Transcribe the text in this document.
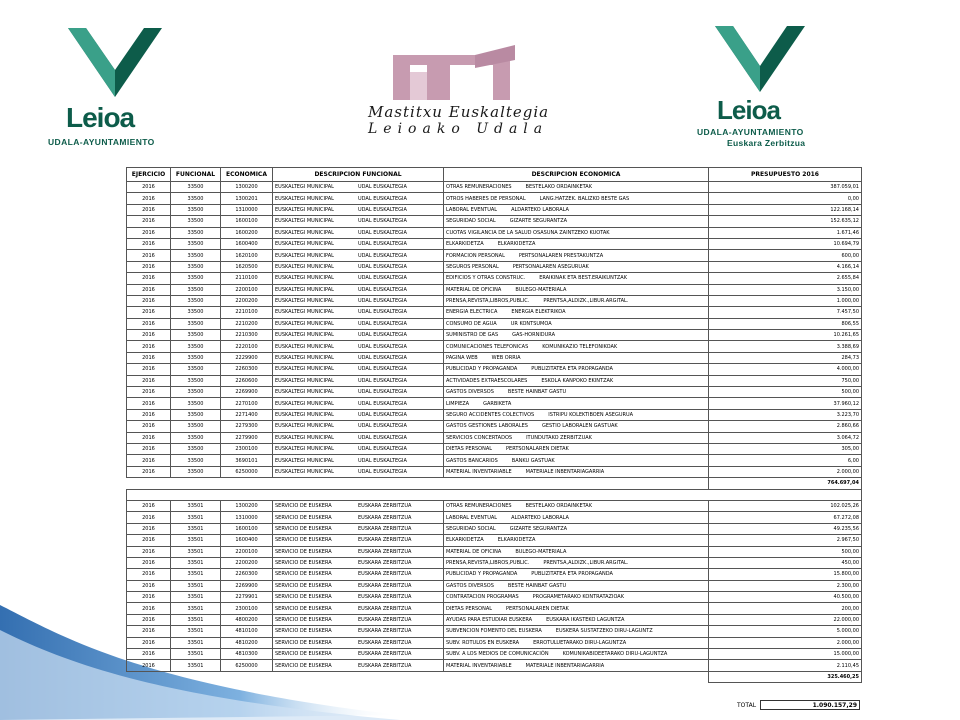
Leioa
UDALA-AYUNTAMIENTO
Mastitxu Euskaltegia
Leioako Udala
Leioa
UDALA-AYUNTAMIENTO
Euskara Zerbitzua
EJERCICIO	FUNCIONAL	ECONOMICA	DESCRIPCION FUNCIONAL	DESCRIPCION ECONOMICA	PRESUPUESTO 2016
2016	33500	1300200	EUSKALTEGI MUNICIPAL UDAL EUSKALTEGIA	OTRAS REMUNERACIONES BESTELAKO ORDAINKETAK	387.059,01
2016	33500	1300201	EUSKALTEGI MUNICIPAL UDAL EUSKALTEGIA	OTROS HABERES DE PERSONAL LANG.HATZEK. BALIZKO BESTE GAS	0,00
2016	33500	1310000	EUSKALTEGI MUNICIPAL UDAL EUSKALTEGIA	LABORAL EVENTUAL ALDARTEKO LABORALA	122.168,14
2016	33500	1600100	EUSKALTEGI MUNICIPAL UDAL EUSKALTEGIA	SEGURIDAD SOCIAL GIZARTE SEGURANTZA	152.635,12
2016	33500	1600200	EUSKALTEGI MUNICIPAL UDAL EUSKALTEGIA	CUOTAS VIGILANCIA DE LA SALUD OSASUNA ZAINTZEKO KUOTAK	1.671,46
2016	33500	1600400	EUSKALTEGI MUNICIPAL UDAL EUSKALTEGIA	ELKARKIDETZA ELKARKIDETZA	10.694,79
2016	33500	1620100	EUSKALTEGI MUNICIPAL UDAL EUSKALTEGIA	FORMACION PERSONAL PERTSONALAREN PRESTAKUNTZA	600,00
2016	33500	1620500	EUSKALTEGI MUNICIPAL UDAL EUSKALTEGIA	SEGUROS PERSONAL PERTSONALAREN ASEGURUAK	4.166,14
2016	33500	2110100	EUSKALTEGI MUNICIPAL UDAL EUSKALTEGIA	EDIFICIOS Y OTRAS CONSTRUC. ERAIKINAK ETA BEST.ERAIKUNTZAK	2.655,84
2016	33500	2200100	EUSKALTEGI MUNICIPAL UDAL EUSKALTEGIA	MATERIAL DE OFICINA BULEGO-MATERIALA	3.150,00
2016	33500	2200200	EUSKALTEGI MUNICIPAL UDAL EUSKALTEGIA	PRENSA,REVISTA,LIBROS,PUBLIC. PRENTSA,ALDIZK.,LIBUR.ARGITAL.	1.000,00
2016	33500	2210100	EUSKALTEGI MUNICIPAL UDAL EUSKALTEGIA	ENERGIA ELECTRICA ENERGIA ELEKTRIKOA	7.457,50
2016	33500	2210200	EUSKALTEGI MUNICIPAL UDAL EUSKALTEGIA	CONSUMO DE AGUA UR KONTSUMOA	806,55
2016	33500	2210300	EUSKALTEGI MUNICIPAL UDAL EUSKALTEGIA	SUMINISTRO DE GAS GAS-HORNIDURA	10.261,65
2016	33500	2220100	EUSKALTEGI MUNICIPAL UDAL EUSKALTEGIA	COMUNICACIONES TELEFONICAS KOMUNIKAZIO TELEFONIKOAK	3.388,69
2016	33500	2229900	EUSKALTEGI MUNICIPAL UDAL EUSKALTEGIA	PAGINA WEB WEB ORRIA	284,73
2016	33500	2260300	EUSKALTEGI MUNICIPAL UDAL EUSKALTEGIA	PUBLICIDAD Y PROPAGANDA PUBLIZITATEA ETA PROPAGANDA	4.000,00
2016	33500	2260600	EUSKALTEGI MUNICIPAL UDAL EUSKALTEGIA	ACTIVIDADES EXTRAESCOLARES ESKOLA KANPOKO EKINTZAK	750,00
2016	33500	2269900	EUSKALTEGI MUNICIPAL UDAL EUSKALTEGIA	GASTOS DIVERSOS BESTE HAINBAT GASTU	500,00
2016	33500	2270100	EUSKALTEGI MUNICIPAL UDAL EUSKALTEGIA	LIMPIEZA GARBIKETA	37.960,12
2016	33500	2271400	EUSKALTEGI MUNICIPAL UDAL EUSKALTEGIA	SEGURO ACCIDENTES COLECTIVOS ISTRIPU KOLEKTIBOEN ASEGURUA	3.223,70
2016	33500	2279300	EUSKALTEGI MUNICIPAL UDAL EUSKALTEGIA	GASTOS GESTIONES LABORALES GESTIO LABORALEN GASTUAK	2.860,66
2016	33500	2279900	EUSKALTEGI MUNICIPAL UDAL EUSKALTEGIA	SERVICIOS CONCERTADOS ITUNDUTAKO ZERBITZUAK	3.064,72
2016	33500	2300100	EUSKALTEGI MUNICIPAL UDAL EUSKALTEGIA	DIETAS PERSONAL PERTSONALAREN DIETAK	305,00
2016	33500	3690101	EUSKALTEGI MUNICIPAL UDAL EUSKALTEGIA	GASTOS BANCARIOS BANKU GASTUAK	6,00
2016	33500	6250000	EUSKALTEGI MUNICIPAL UDAL EUSKALTEGIA	MATERIAL INVENTARIABLE MATERIALE INBENTARIAGARRIA	2.000,00
					764.697,04

2016	33501	1300200	SERVICIO DE EUSKERA EUSKARA ZERBITZUA	OTRAS REMUNERACIONES BESTELAKO ORDAINKETAK	102.025,26
2016	33501	1310000	SERVICIO DE EUSKERA EUSKARA ZERBITZUA	LABORAL EVENTUAL ALDARTEKO LABORALA	67.272,08
2016	33501	1600100	SERVICIO DE EUSKERA EUSKARA ZERBITZUA	SEGURIDAD SOCIAL GIZARTE SEGURANTZA	49.235,56
2016	33501	1600400	SERVICIO DE EUSKERA EUSKARA ZERBITZUA	ELKARKIDETZA ELKARKIDETZA	2.967,50
2016	33501	2200100	SERVICIO DE EUSKERA EUSKARA ZERBITZUA	MATERIAL DE OFICINA BULEGO-MATERIALA	500,00
2016	33501	2200200	SERVICIO DE EUSKERA EUSKARA ZERBITZUA	PRENSA,REVISTA,LIBROS,PUBLIC. PRENTSA,ALDIZK.,LIBUR.ARGITAL.	450,00
2016	33501	2260300	SERVICIO DE EUSKERA EUSKARA ZERBITZUA	PUBLICIDAD Y PROPAGANDA PUBLIZITATEA ETA PROPAGANDA	15.800,00
2016	33501	2269900	SERVICIO DE EUSKERA EUSKARA ZERBITZUA	GASTOS DIVERSOS BESTE HAINBAT GASTU	2.300,00
2016	33501	2279901	SERVICIO DE EUSKERA EUSKARA ZERBITZUA	CONTRATACION PROGRAMAS PROGRAMETARAKO KONTRATAZIOAK	40.500,00
2016	33501	2300100	SERVICIO DE EUSKERA EUSKARA ZERBITZUA	DIETAS PERSONAL PERTSONALAREN DIETAK	200,00
2016	33501	4800200	SERVICIO DE EUSKERA EUSKARA ZERBITZUA	AYUDAS PARA ESTUDIAR EUSKERA EUSKARA IKASTEKO LAGUNTZA	22.000,00
2016	33501	4810100	SERVICIO DE EUSKERA EUSKARA ZERBITZUA	SUBVENCION FOMENTO DEL EUSKERA EUSKERA SUSTATZEKO DIRU-LAGUNTZ	5.000,00
2016	33501	4810200	SERVICIO DE EUSKERA EUSKARA ZERBITZUA	SUBV. ROTULOS EN EUSKERA ERROTULUETARAKO DIRU-LAGUNTZA	2.000,00
2016	33501	4810300	SERVICIO DE EUSKERA EUSKARA ZERBITZUA	SUBV. A LOS MEDIOS DE COMUNICACIÓN KOMUNIKABIDEETARAKO DIRU-LAGUNTZA	15.000,00
2016	33501	6250000	SERVICIO DE EUSKERA EUSKARA ZERBITZUA	MATERIAL INVENTARIABLE MATERIALE INBENTARIAGARRIA	2.110,45
					325.460,25
TOTAL	1.090.157,29
